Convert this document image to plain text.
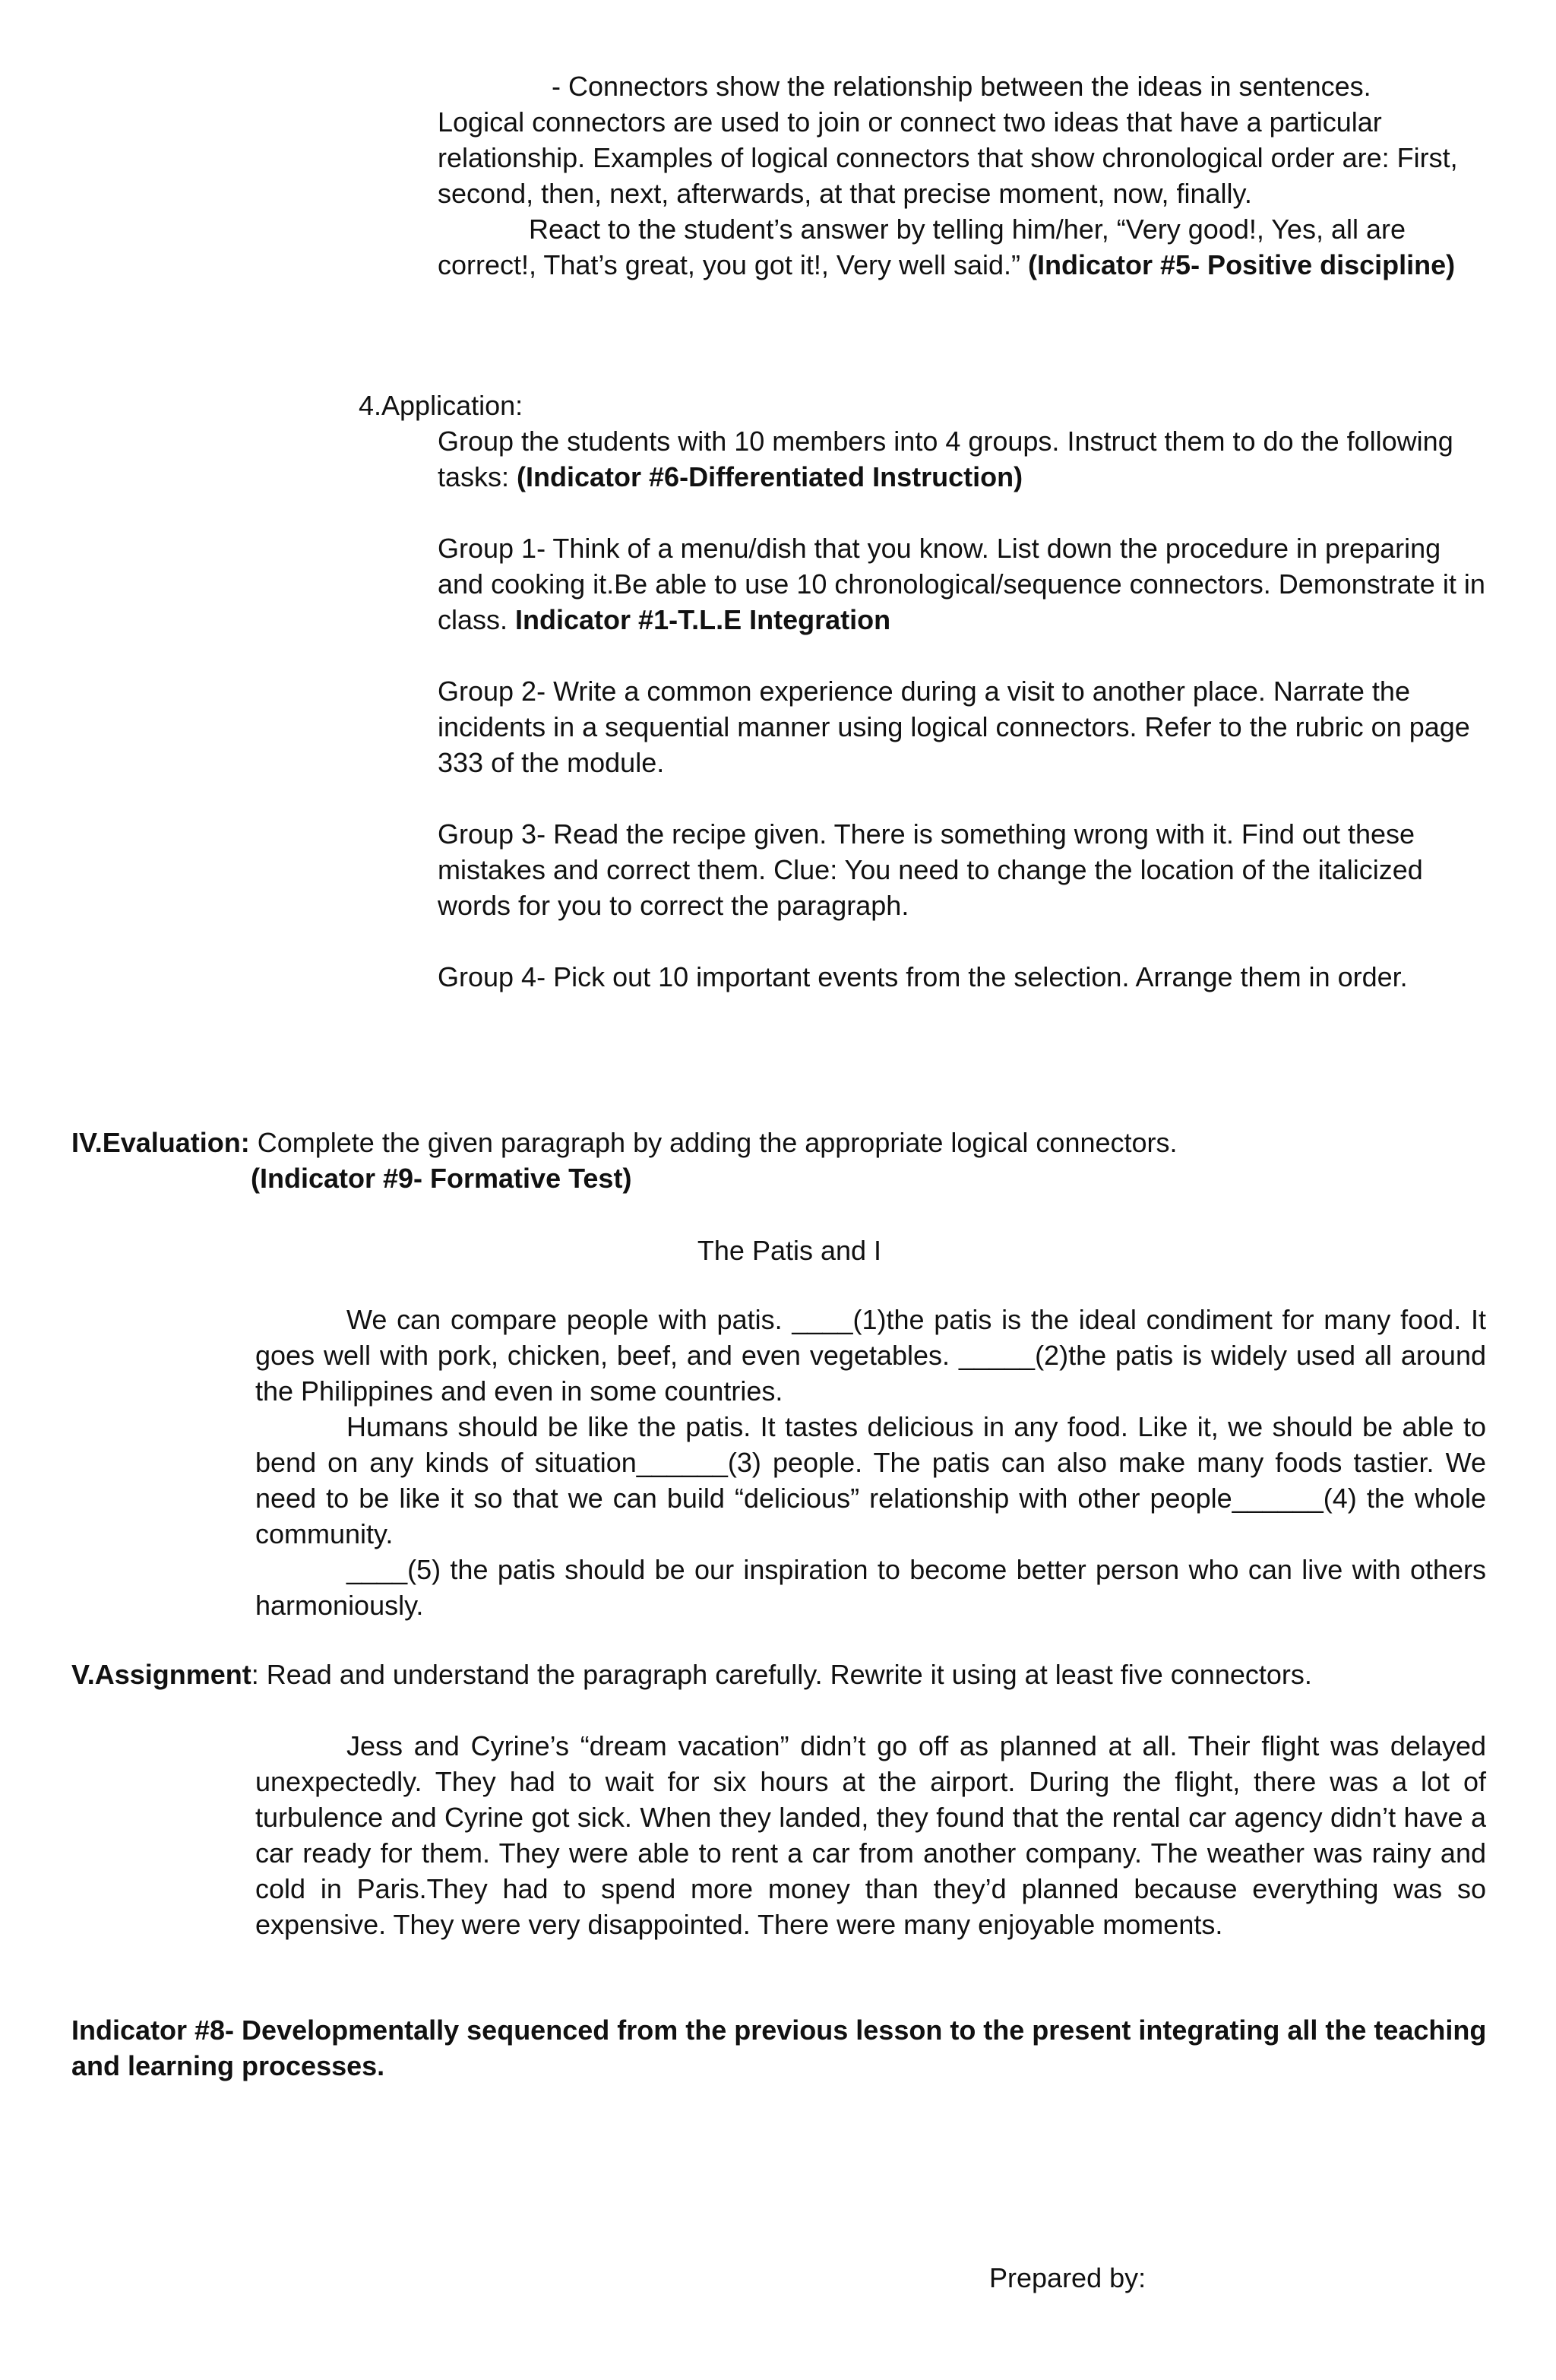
- Connectors show the relationship between the ideas in sentences.

Logical connectors are used to join or connect two ideas that have a particular relationship. Examples of logical connectors that show chronological order are: First, second, then, next, afterwards, at that precise moment, now, finally.

React to the student’s answer by telling him/her, “Very good!, Yes, all are correct!, That’s great, you got it!, Very well said.” (Indicator #5- Positive discipline)

4.Application:

Group the students with 10 members into 4 groups. Instruct them to do the following tasks: (Indicator #6-Differentiated Instruction)

Group 1- Think of a menu/dish that you know. List down the procedure in preparing and cooking it.Be able to use 10 chronological/sequence connectors. Demonstrate it in class. Indicator #1-T.L.E Integration

Group 2- Write a common experience during a visit to another place. Narrate the incidents in a sequential manner using logical connectors. Refer to the rubric on page 333 of the module.

Group 3- Read the recipe given. There is something wrong with it. Find out these mistakes and correct them. Clue: You need to change the location of the italicized words for you to correct the paragraph.

Group 4- Pick out 10 important events from the selection. Arrange them in order.

IV.Evaluation: Complete the given paragraph by adding the appropriate logical connectors.

(Indicator #9- Formative Test)

The Patis and I

We can compare people with patis. ____(1)the patis is the ideal condiment for many food. It goes well with pork, chicken, beef, and even vegetables. _____(2)the patis is widely used all around the Philippines and even in some countries.

Humans should be like the patis. It tastes delicious in any food. Like it, we should be able to bend on any kinds of situation______(3) people. The patis can also make many foods tastier. We need to be like it so that we can build “delicious” relationship with other people______(4) the whole community.

____(5) the patis should be our inspiration to become better person who can live with others harmoniously.

V.Assignment: Read and understand the paragraph carefully. Rewrite it using at least five connectors.

Jess and Cyrine’s “dream vacation” didn’t go off as planned at all. Their flight was delayed unexpectedly. They had to wait for six hours at the airport. During the flight, there was a lot of turbulence and Cyrine got sick. When they landed, they found that the rental car agency didn’t have a car ready for them. They were able to rent a car from another company. The weather was rainy and cold in Paris.They had to spend more money than they’d planned because everything was so expensive. They were very disappointed. There were many enjoyable moments.

Indicator #8- Developmentally sequenced from the previous lesson to the present integrating all the teaching and learning processes.

Prepared by:
